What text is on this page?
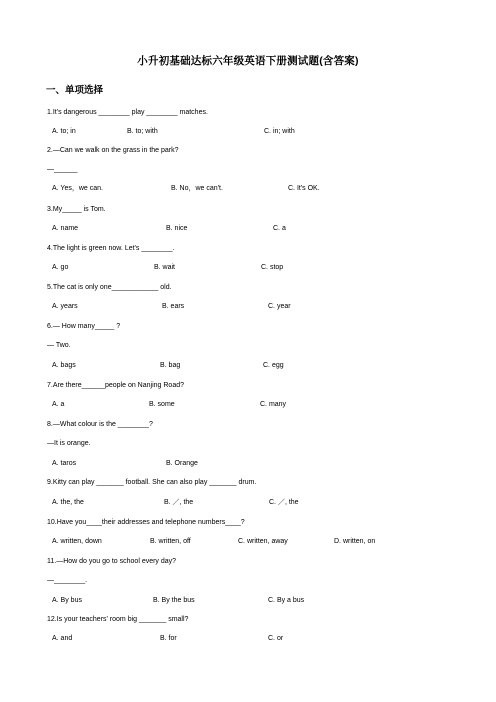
小升初基础达标六年级英语下册测试题(含答案)
一、单项选择
1.It's dangerous ________ play ________ matches.

A. to; in

	B. to; with

	C. in; with

2.—Can we walk on the grass in the park?
—______

A. Yes，we can.

	B. No，we can't.

	C. It's OK.

3.My_____ is Tom.

A. name

	B. nice

	C. a

4.The light is green now. Let's ________.

A. go

	B. wait

	C. stop

5.The cat is only one____________ old.

A. years

	B. ears

	C. year

6.— How many_____ ?
— Two.

A. bags

	B. bag

	C. egg

7.Are there______people on Nanjing Road?

A. a

	B. some

	C. many

8.—What colour is the ________?
—It is orange.

A. taros

	B. Orange

9.Kitty can play _______ football. She can also play _______ drum.

A. the, the

	B. ／, the

	C. ／, the

10.Have you____their addresses and telephone numbers____?

A. written, down

	B. written, off

	C. written, away

	D. written, on

11.—How do you go to school every day?
—________.

A. By bus

	B. By the bus

	C. By a bus

12.Is your teachers' room big _______ small?

A. and

	B. for

	C. or
